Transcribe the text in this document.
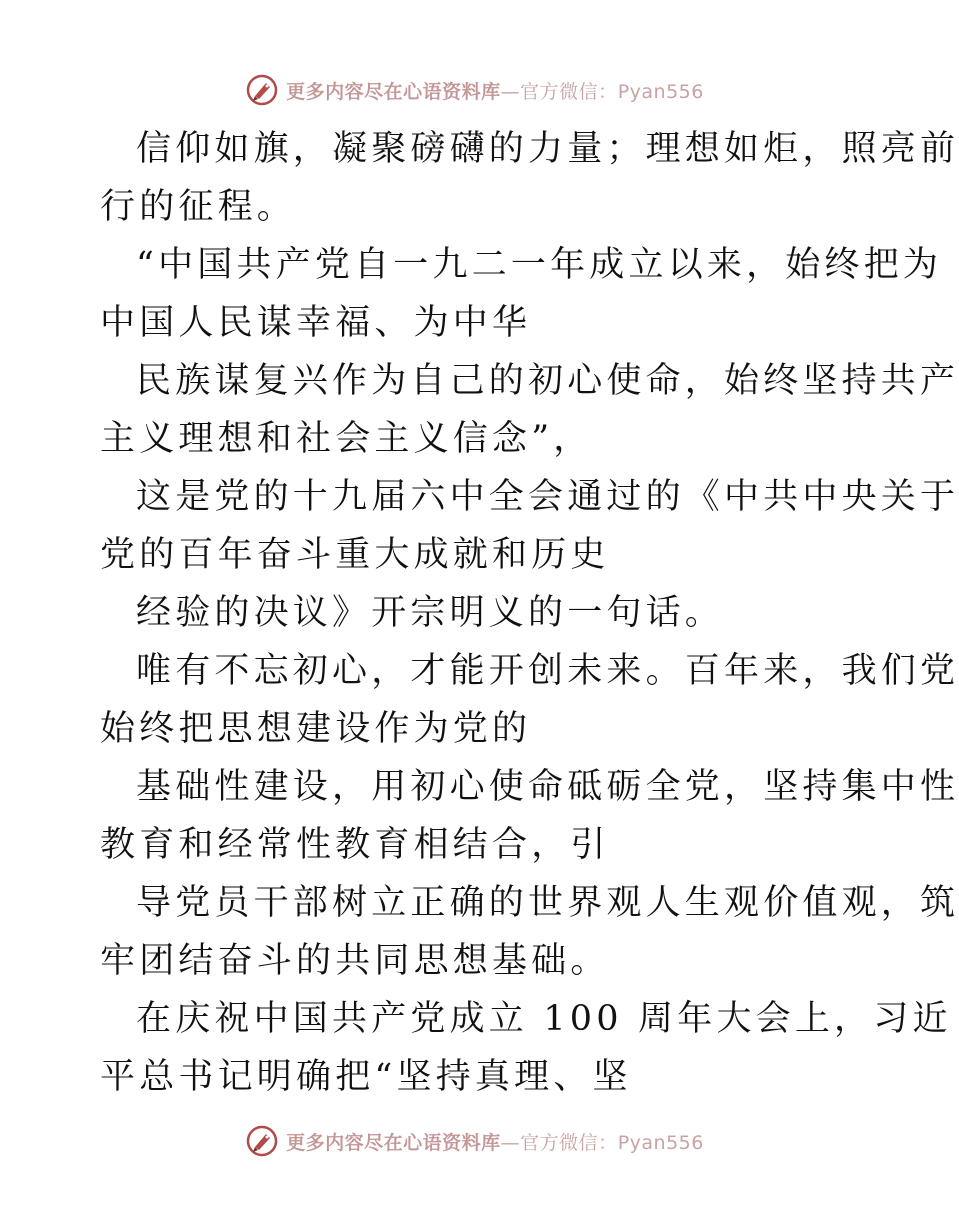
更多内容尽在心语资料库—官方微信：Pyan556
信仰如旗，凝聚磅礴的力量；理想如炬，照亮前
行的征程。
“中国共产党自一九二一年成立以来，始终把为
中国人民谋幸福、为中华
民族谋复兴作为自己的初心使命，始终坚持共产
主义理想和社会主义信念”，
这是党的十九届六中全会通过的《中共中央关于
党的百年奋斗重大成就和历史
经验的决议》开宗明义的一句话。
唯有不忘初心，才能开创未来。百年来，我们党
始终把思想建设作为党的
基础性建设，用初心使命砥砺全党，坚持集中性
教育和经常性教育相结合，引
导党员干部树立正确的世界观人生观价值观，筑
牢团结奋斗的共同思想基础。
在庆祝中国共产党成立 100 周年大会上，习近
平总书记明确把“坚持真理、坚
更多内容尽在心语资料库—官方微信：Pyan556
